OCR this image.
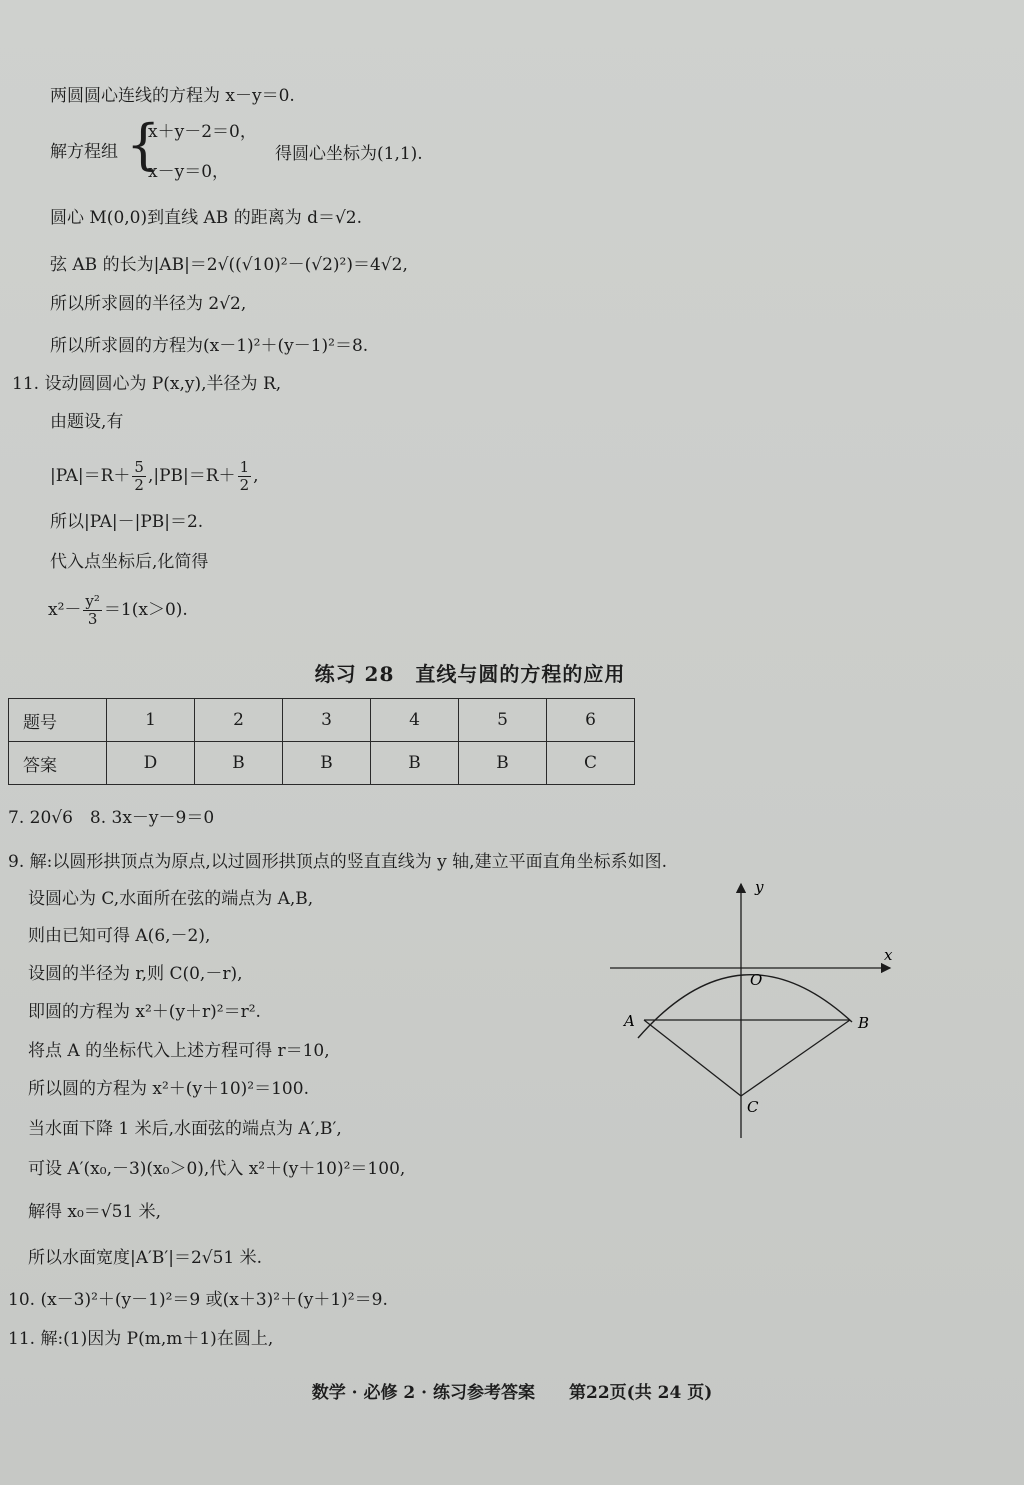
两圆圆心连线的方程为 x－y＝0.
解方程组 {
x＋y－2＝0，
x－y＝0，
得圆心坐标为(1,1).
圆心 M(0,0)到直线 AB 的距离为 d＝√2.
弦 AB 的长为|AB|＝2√((√10)²－(√2)²)＝4√2,
所以所求圆的半径为 2√2,
所以所求圆的方程为(x－1)²＋(y－1)²＝8.
11. 设动圆圆心为 P(x,y),半径为 R,
由题设,有
$|PA|=R+ \frac{5}{2} ,|PB|=R+ \frac{1}{2}$ ,
所以|PA|－|PB|＝2.
代入点坐标后,化简得
$x^2- \frac{\text{y²}}{3} =1(x>0)$.
练习 28　直线与圆的方程的应用
题号	1	2	3	4	5	6
答案	D	B	B	B	B	C
7. 20√6　8. 3x－y－9＝0
9. 解:以圆形拱顶点为原点,以过圆形拱顶点的竖直直线为 y 轴,建立平面直角坐标系如图.
设圆心为 C,水面所在弦的端点为 A,B,
则由已知可得 A(6,－2),
设圆的半径为 r,则 C(0,－r),
即圆的方程为 x²＋(y＋r)²＝r².
将点 A 的坐标代入上述方程可得 r＝10,
所以圆的方程为 x²＋(y＋10)²＝100.
当水面下降 1 米后,水面弦的端点为 A′,B′,
可设 A′(x₀,－3)(x₀＞0),代入 x²＋(y＋10)²＝100,
解得 x₀＝√51 米,
所以水面宽度|A′B′|＝2√51 米.
10. (x－3)²＋(y－1)²＝9 或(x＋3)²＋(y＋1)²＝9.
11. 解:(1)因为 P(m,m＋1)在圆上,
y
x
O
A	B
C
数学 · 必修 2 · 练习参考答案　　第22页(共 24 页)
